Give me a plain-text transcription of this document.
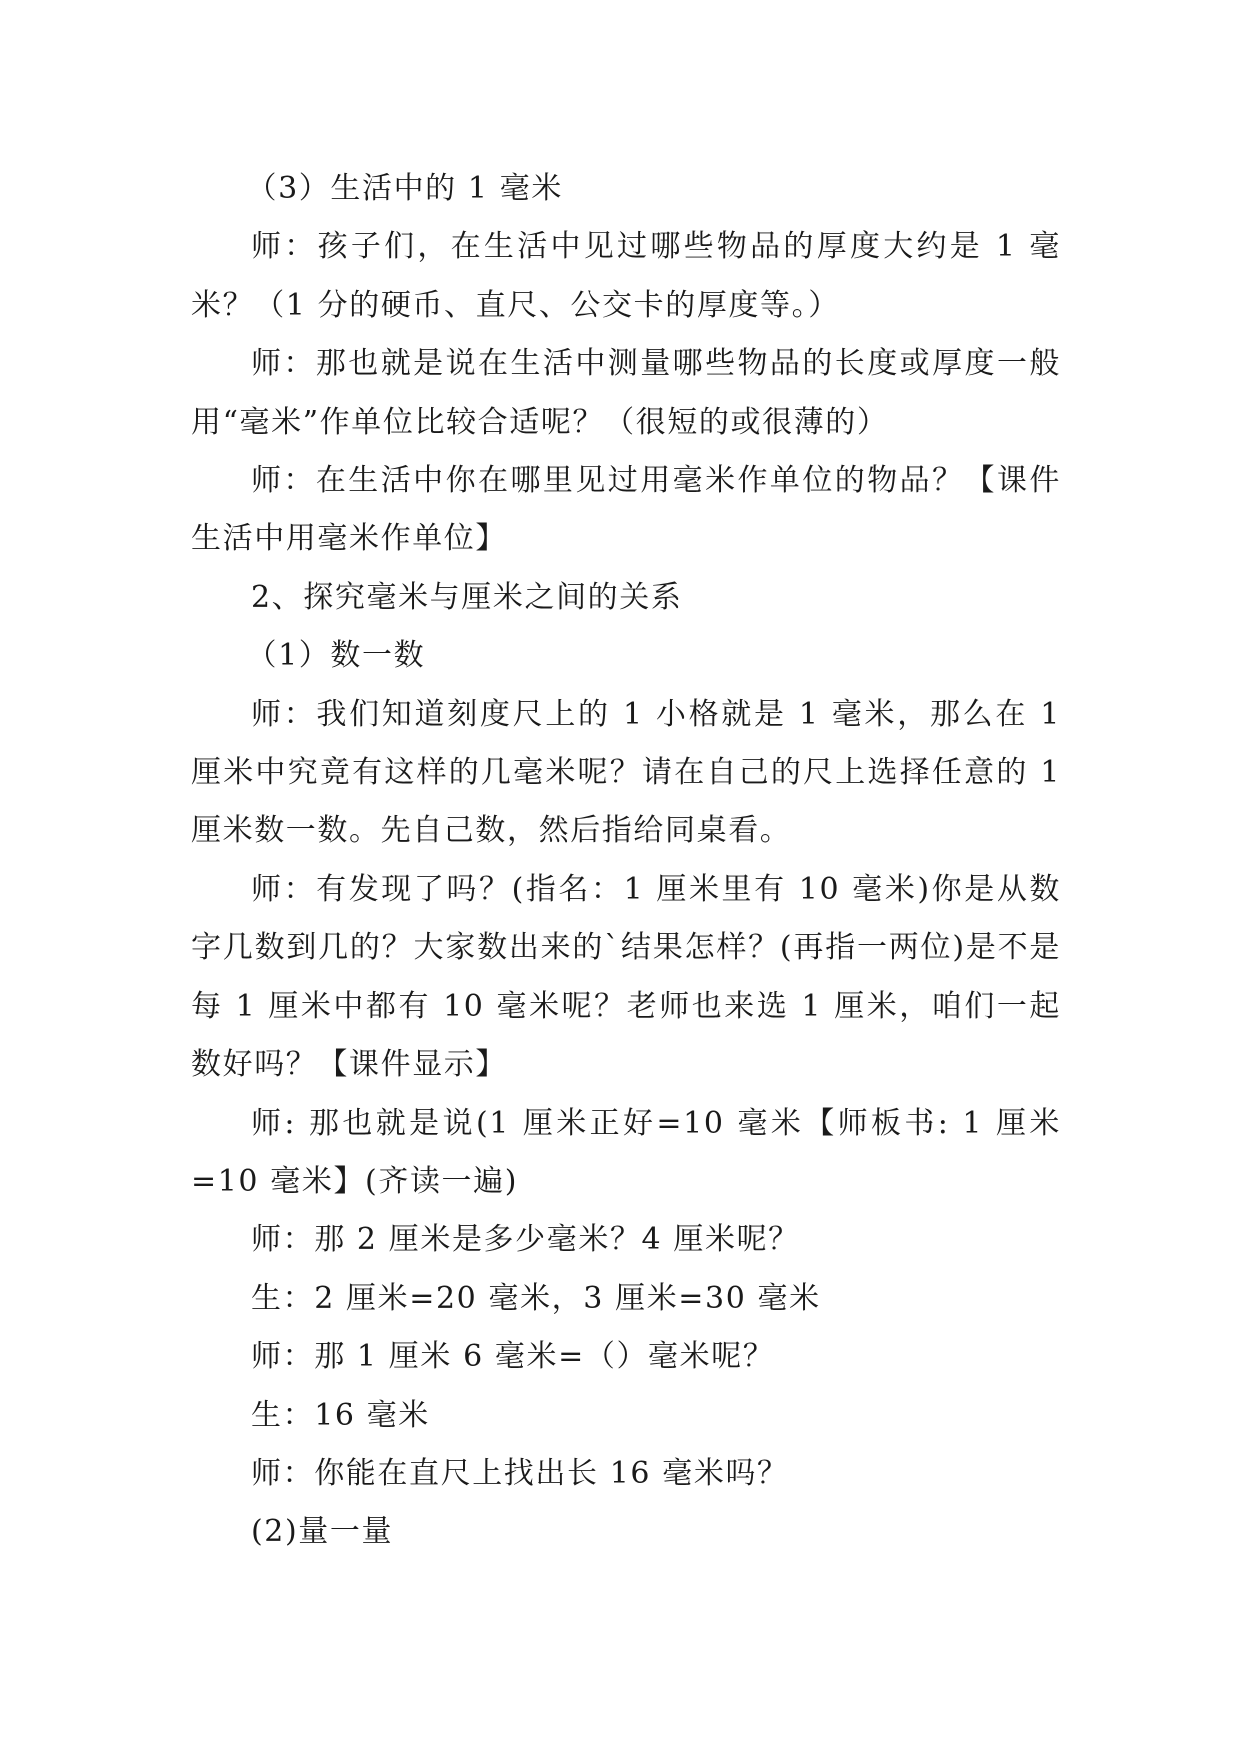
（3）生活中的 1 毫米

师：孩子们，在生活中见过哪些物品的厚度大约是 1 毫米？（1 分的硬币、直尺、公交卡的厚度等。）

师：那也就是说在生活中测量哪些物品的长度或厚度一般用“毫米”作单位比较合适呢？（很短的或很薄的）

师：在生活中你在哪里见过用毫米作单位的物品？【课件生活中用毫米作单位】

2、探究毫米与厘米之间的关系

（1）数一数

师：我们知道刻度尺上的 1 小格就是 1 毫米，那么在 1 厘米中究竟有这样的几毫米呢？请在自己的尺上选择任意的 1 厘米数一数。先自己数，然后指给同桌看。

师：有发现了吗？(指名：1 厘米里有 10 毫米)你是从数字几数到几的？大家数出来的`结果怎样？(再指一两位)是不是每 1 厘米中都有 10 毫米呢？老师也来选 1 厘米，咱们一起数好吗？【课件显示】

师: 那也就是说(1 厘米正好=10 毫米【师板书: 1 厘米=10 毫米】(齐读一遍)

师：那 2 厘米是多少毫米？4 厘米呢？

生：2 厘米=20 毫米，3 厘米=30 毫米

师：那 1 厘米 6 毫米=（）毫米呢？

生：16 毫米

师：你能在直尺上找出长 16 毫米吗？

(2)量一量
